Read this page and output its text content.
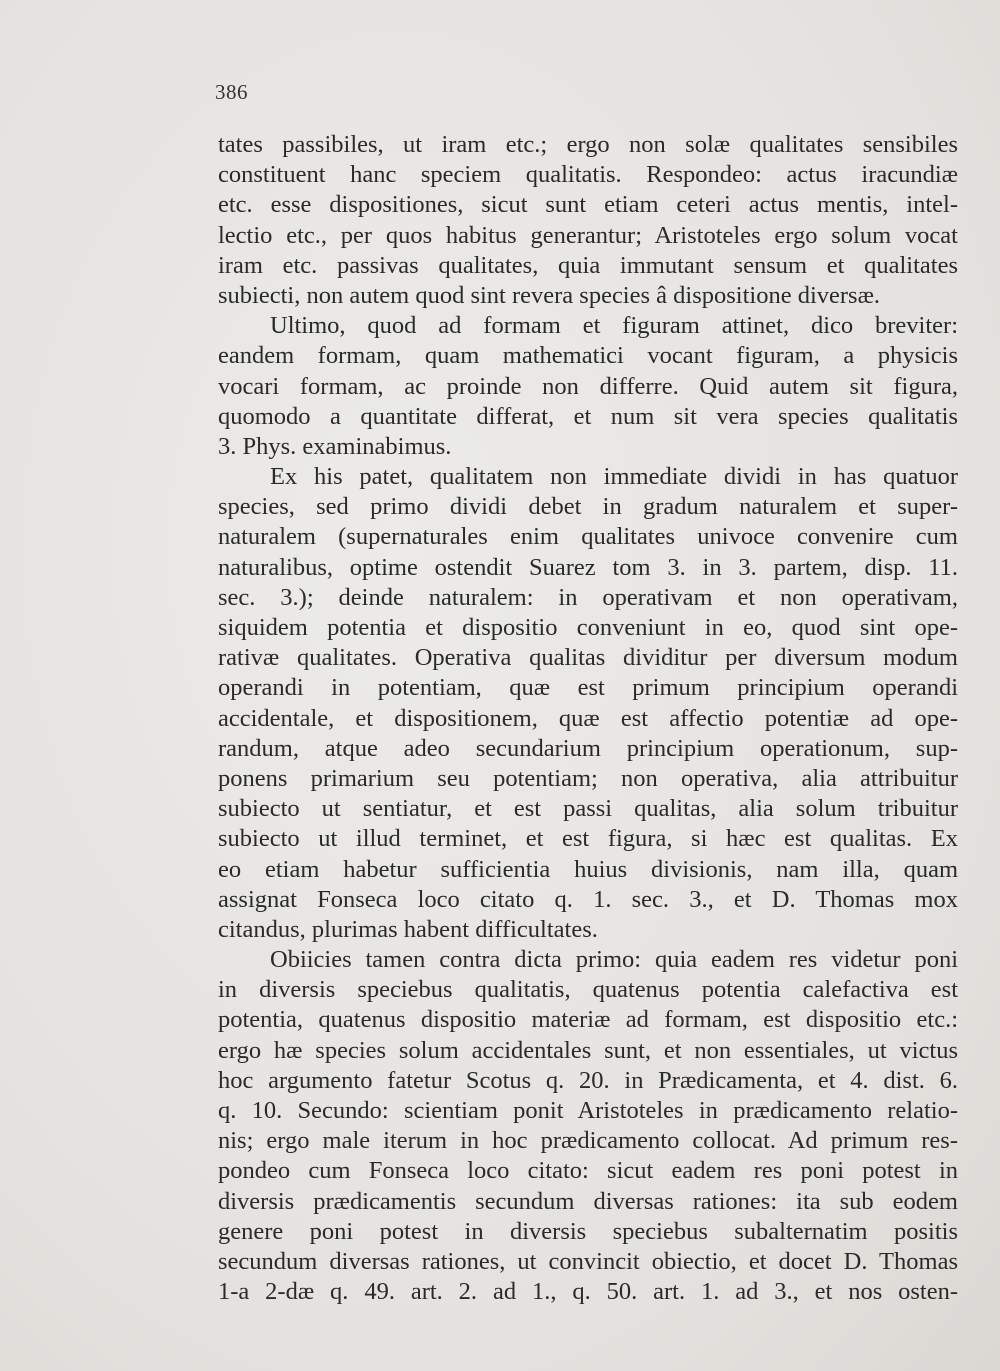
386
tates passibiles, ut iram etc.; ergo non solæ qualitates sensibiles
constituent hanc speciem qualitatis. Respondeo: actus iracundiæ
etc. esse dispositiones, sicut sunt etiam ceteri actus mentis, intel-
lectio etc., per quos habitus generantur; Aristoteles ergo solum vocat
iram etc. passivas qualitates, quia immutant sensum et qualitates
subiecti, non autem quod sint revera species â dispositione diversæ.
Ultimo, quod ad formam et figuram attinet, dico breviter:
eandem formam, quam mathematici vocant figuram, a physicis
vocari formam, ac proinde non differre. Quid autem sit figura,
quomodo a quantitate differat, et num sit vera species qualitatis
3. Phys. examinabimus.
Ex his patet, qualitatem non immediate dividi in has quatuor
species, sed primo dividi debet in gradum naturalem et super-
naturalem (supernaturales enim qualitates univoce convenire cum
naturalibus, optime ostendit Suarez tom 3. in 3. partem, disp. 11.
sec. 3.); deinde naturalem: in operativam et non operativam,
siquidem potentia et dispositio conveniunt in eo, quod sint ope-
rativæ qualitates. Operativa qualitas dividitur per diversum modum
operandi in potentiam, quæ est primum principium operandi
accidentale, et dispositionem, quæ est affectio potentiæ ad ope-
randum, atque adeo secundarium principium operationum, sup-
ponens primarium seu potentiam; non operativa, alia attribuitur
subiecto ut sentiatur, et est passi qualitas, alia solum tribuitur
subiecto ut illud terminet, et est figura, si hæc est qualitas. Ex
eo etiam habetur sufficientia huius divisionis, nam illa, quam
assignat Fonseca loco citato q. 1. sec. 3., et D. Thomas mox
citandus, plurimas habent difficultates.
Obiicies tamen contra dicta primo: quia eadem res videtur poni
in diversis speciebus qualitatis, quatenus potentia calefactiva est
potentia, quatenus dispositio materiæ ad formam, est dispositio etc.:
ergo hæ species solum accidentales sunt, et non essentiales, ut victus
hoc argumento fatetur Scotus q. 20. in Prædicamenta, et 4. dist. 6.
q. 10. Secundo: scientiam ponit Aristoteles in prædicamento relatio-
nis; ergo male iterum in hoc prædicamento collocat. Ad primum res-
pondeo cum Fonseca loco citato: sicut eadem res poni potest in
diversis prædicamentis secundum diversas rationes: ita sub eodem
genere poni potest in diversis speciebus subalternatim positis
secundum diversas rationes, ut convincit obiectio, et docet D. Thomas
1-a 2-dæ q. 49. art. 2. ad 1., q. 50. art. 1. ad 3., et nos osten-
